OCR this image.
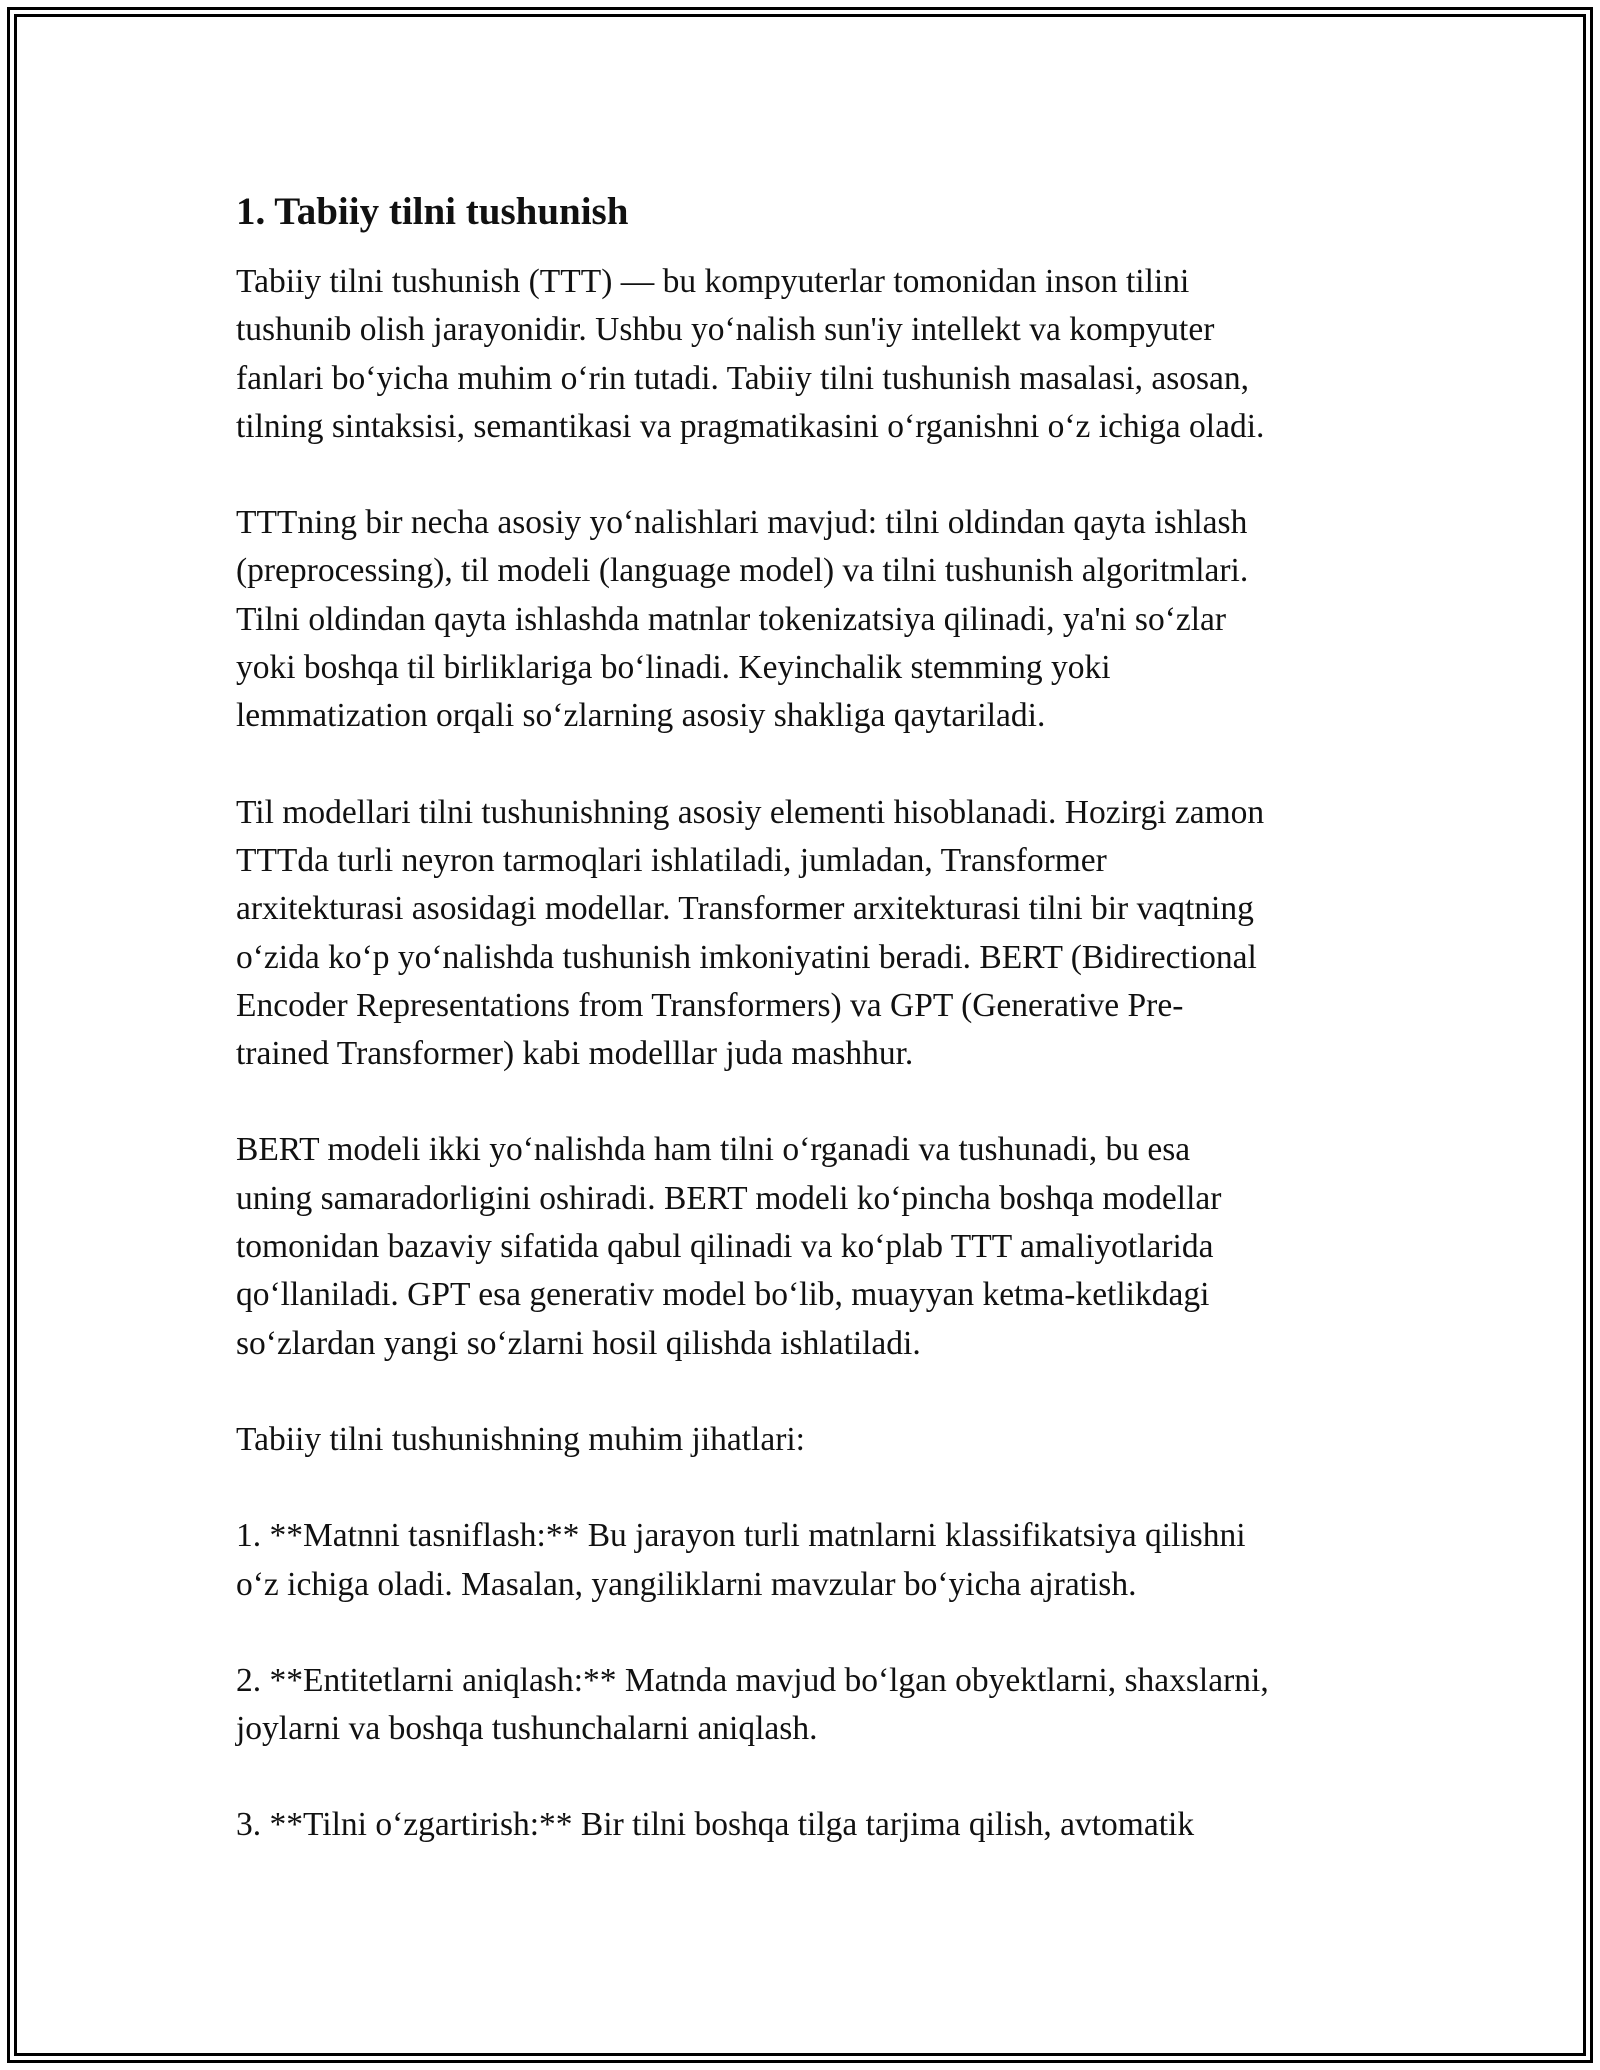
1. Tabiiy tilni tushunish

Tabiiy tilni tushunish (TTT) — bu kompyuterlar tomonidan inson tilini
tushunib olish jarayonidir. Ushbu yoʻnalish sun'iy intellekt va kompyuter
fanlari boʻyicha muhim oʻrin tutadi. Tabiiy tilni tushunish masalasi, asosan,
tilning sintaksisi, semantikasi va pragmatikasini oʻrganishni oʻz ichiga oladi.

TTTning bir necha asosiy yoʻnalishlari mavjud: tilni oldindan qayta ishlash
(preprocessing), til modeli (language model) va tilni tushunish algoritmlari.
Tilni oldindan qayta ishlashda matnlar tokenizatsiya qilinadi, ya'ni soʻzlar
yoki boshqa til birliklariga boʻlinadi. Keyinchalik stemming yoki
lemmatization orqali soʻzlarning asosiy shakliga qaytariladi.

Til modellari tilni tushunishning asosiy elementi hisoblanadi. Hozirgi zamon
TTTda turli neyron tarmoqlari ishlatiladi, jumladan, Transformer
arxitekturasi asosidagi modellar. Transformer arxitekturasi tilni bir vaqtning
oʻzida koʻp yoʻnalishda tushunish imkoniyatini beradi. BERT (Bidirectional
Encoder Representations from Transformers) va GPT (Generative Pre-
trained Transformer) kabi modelllar juda mashhur.

BERT modeli ikki yoʻnalishda ham tilni oʻrganadi va tushunadi, bu esa
uning samaradorligini oshiradi. BERT modeli koʻpincha boshqa modellar
tomonidan bazaviy sifatida qabul qilinadi va koʻplab TTT amaliyotlarida
qoʻllaniladi. GPT esa generativ model boʻlib, muayyan ketma-ketlikdagi
soʻzlardan yangi soʻzlarni hosil qilishda ishlatiladi.

Tabiiy tilni tushunishning muhim jihatlari:

1. **Matnni tasniflash:** Bu jarayon turli matnlarni klassifikatsiya qilishni
oʻz ichiga oladi. Masalan, yangiliklarni mavzular boʻyicha ajratish.

2. **Entitetlarni aniqlash:** Matnda mavjud boʻlgan obyektlarni, shaxslarni,
joylarni va boshqa tushunchalarni aniqlash.

3. **Tilni oʻzgartirish:** Bir tilni boshqa tilga tarjima qilish, avtomatik
